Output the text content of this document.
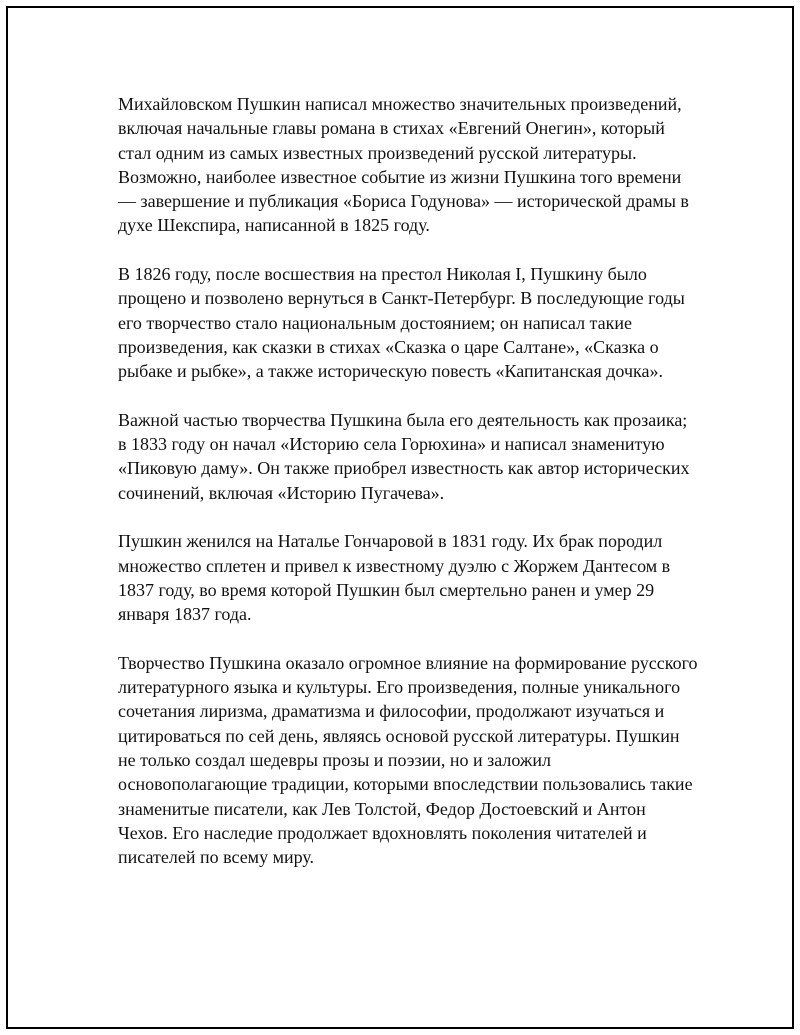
Михайловском Пушкин написал множество значительных произведений, включая начальные главы романа в стихах «Евгений Онегин», который стал одним из самых известных произведений русской литературы. Возможно, наиболее известное событие из жизни Пушкина того времени — завершение и публикация «Бориса Годунова» — исторической драмы в духе Шекспира, написанной в 1825 году.

В 1826 году, после восшествия на престол Николая I, Пушкину было прощено и позволено вернуться в Санкт-Петербург. В последующие годы его творчество стало национальным достоянием; он написал такие произведения, как сказки в стихах «Сказка о царе Салтане», «Сказка о рыбаке и рыбке», а также историческую повесть «Капитанская дочка».

Важной частью творчества Пушкина была его деятельность как прозаика; в 1833 году он начал «Историю села Горюхина» и написал знаменитую «Пиковую даму». Он также приобрел известность как автор исторических сочинений, включая «Историю Пугачева».

Пушкин женился на Наталье Гончаровой в 1831 году. Их брак породил множество сплетен и привел к известному дуэлю с Жоржем Дантесом в 1837 году, во время которой Пушкин был смертельно ранен и умер 29 января 1837 года.

Творчество Пушкина оказало огромное влияние на формирование русского литературного языка и культуры. Его произведения, полные уникального сочетания лиризма, драматизма и философии, продолжают изучаться и цитироваться по сей день, являясь основой русской литературы. Пушкин не только создал шедевры прозы и поэзии, но и заложил основополагающие традиции, которыми впоследствии пользовались такие знаменитые писатели, как Лев Толстой, Федор Достоевский и Антон Чехов. Его наследие продолжает вдохновлять поколения читателей и писателей по всему миру.
